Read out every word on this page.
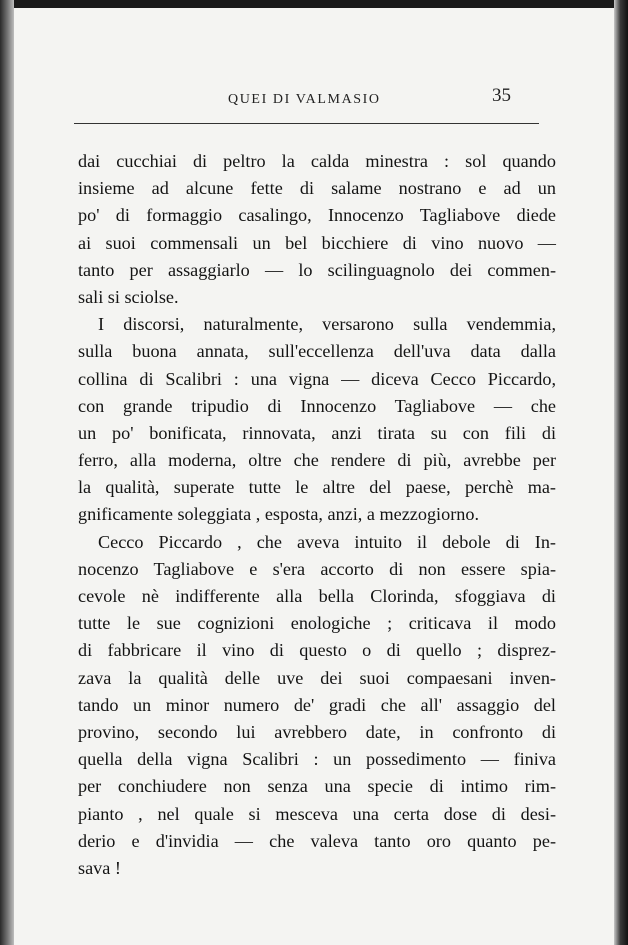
QUEI DI VALMASIO	35
dai cucchiai di peltro la calda minestra : sol quando
insieme ad alcune fette di salame nostrano e ad un
po' di formaggio casalingo, Innocenzo Tagliabove diede
ai suoi commensali un bel bicchiere di vino nuovo —
tanto per assaggiarlo — lo scilinguagnolo dei commen-
sali si sciolse.
I discorsi, naturalmente, versarono sulla vendemmia,
sulla buona annata, sull'eccellenza dell'uva data dalla
collina di Scalibri : una vigna — diceva Cecco Piccardo,
con grande tripudio di Innocenzo Tagliabove — che
un po' bonificata, rinnovata, anzi tirata su con fili di
ferro, alla moderna, oltre che rendere di più, avrebbe per
la qualità, superate tutte le altre del paese, perchè ma-
gnificamente soleggiata , esposta, anzi, a mezzogiorno.
Cecco Piccardo , che aveva intuito il debole di In-
nocenzo Tagliabove e s'era accorto di non essere spia-
cevole nè indifferente alla bella Clorinda, sfoggiava di
tutte le sue cognizioni enologiche ; criticava il modo
di fabbricare il vino di questo o di quello ; disprez-
zava la qualità delle uve dei suoi compaesani inven-
tando un minor numero de' gradi che all' assaggio del
provino, secondo lui avrebbero date, in confronto di
quella della vigna Scalibri : un possedimento — finiva
per conchiudere non senza una specie di intimo rim-
pianto , nel quale si mesceva una certa dose di desi-
derio e d'invidia — che valeva tanto oro quanto pe-
sava !
